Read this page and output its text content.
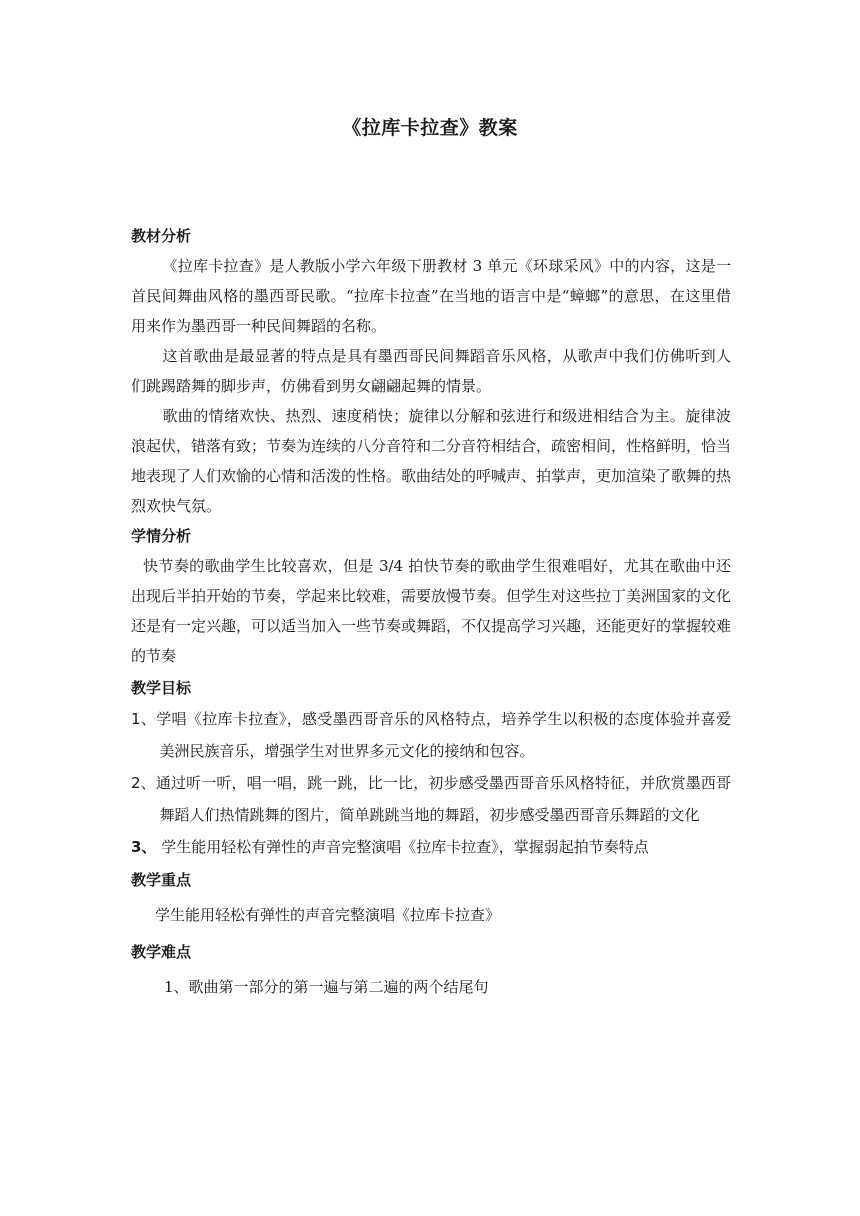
《拉库卡拉查》教案
教材分析

《拉库卡拉查》是人教版小学六年级下册教材 3 单元《环球采风》中的内容，这是一首民间舞曲风格的墨西哥民歌。“拉库卡拉查”在当地的语言中是“蟑螂”的意思，在这里借用来作为墨西哥一种民间舞蹈的名称。

这首歌曲是最显著的特点是具有墨西哥民间舞蹈音乐风格，从歌声中我们仿佛听到人们跳踢踏舞的脚步声，仿佛看到男女翩翩起舞的情景。

歌曲的情绪欢快、热烈、速度稍快；旋律以分解和弦进行和级进相结合为主。旋律波浪起伏，错落有致；节奏为连续的八分音符和二分音符相结合，疏密相间，性格鲜明，恰当地表现了人们欢愉的心情和活泼的性格。歌曲结处的呼喊声、拍掌声，更加渲染了歌舞的热烈欢快气氛。

学情分析

快节奏的歌曲学生比较喜欢，但是 3/4 拍快节奏的歌曲学生很难唱好，尤其在歌曲中还出现后半拍开始的节奏，学起来比较难，需要放慢节奏。但学生对这些拉丁美洲国家的文化还是有一定兴趣，可以适当加入一些节奏或舞蹈，不仅提高学习兴趣，还能更好的掌握较难的节奏

教学目标

1、学唱《拉库卡拉查》，感受墨西哥音乐的风格特点，培养学生以积极的态度体验并喜爱美洲民族音乐，增强学生对世界多元文化的接纳和包容。

2、通过听一听，唱一唱，跳一跳，比一比，初步感受墨西哥音乐风格特征，并欣赏墨西哥舞蹈人们热情跳舞的图片，简单跳跳当地的舞蹈，初步感受墨西哥音乐舞蹈的文化

3、 学生能用轻松有弹性的声音完整演唱《拉库卡拉查》，掌握弱起拍节奏特点

教学重点

学生能用轻松有弹性的声音完整演唱《拉库卡拉查》

教学难点

1、歌曲第一部分的第一遍与第二遍的两个结尾句
